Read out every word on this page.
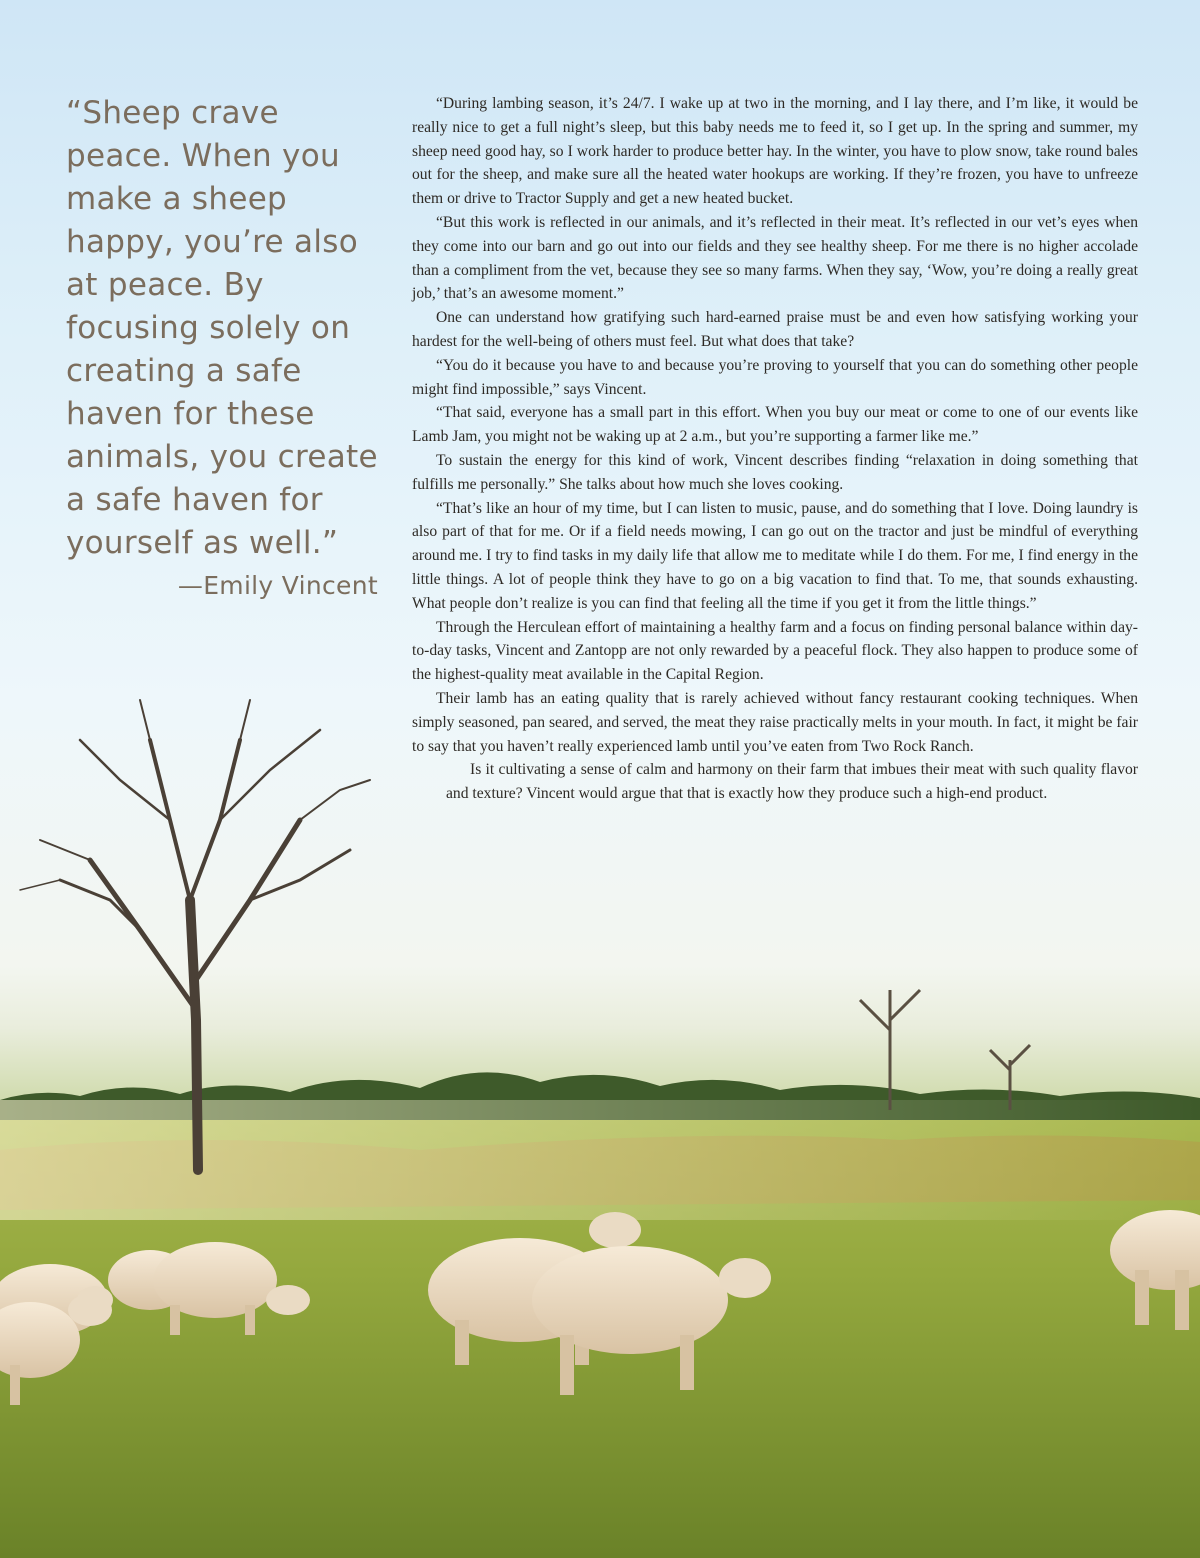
“Sheep crave peace. When you make a sheep happy, you’re also at peace. By focusing solely on creating a safe haven for these animals, you create a safe haven for yourself as well.”
—Emily Vincent

“During lambing season, it’s 24/7. I wake up at two in the morning, and I lay there, and I’m like, it would be really nice to get a full night’s sleep, but this baby needs me to feed it, so I get up. In the spring and summer, my sheep need good hay, so I work harder to produce better hay. In the winter, you have to plow snow, take round bales out for the sheep, and make sure all the heated water hookups are working. If they’re frozen, you have to unfreeze them or drive to Tractor Supply and get a new heated bucket.

“But this work is reflected in our animals, and it’s reflected in their meat. It’s reflected in our vet’s eyes when they come into our barn and go out into our fields and they see healthy sheep. For me there is no higher accolade than a compliment from the vet, because they see so many farms. When they say, ‘Wow, you’re doing a really great job,’ that’s an awesome moment.”

One can understand how gratifying such hard-earned praise must be and even how satisfying working your hardest for the well-being of others must feel. But what does that take?

“You do it because you have to and because you’re proving to yourself that you can do something other people might find impossible,” says Vincent.

“That said, everyone has a small part in this effort. When you buy our meat or come to one of our events like Lamb Jam, you might not be waking up at 2 a.m., but you’re supporting a farmer like me.”

To sustain the energy for this kind of work, Vincent describes finding “relaxation in doing something that fulfills me personally.” She talks about how much she loves cooking.

“That’s like an hour of my time, but I can listen to music, pause, and do something that I love. Doing laundry is also part of that for me. Or if a field needs mowing, I can go out on the tractor and just be mindful of everything around me. I try to find tasks in my daily life that allow me to meditate while I do them. For me, I find energy in the little things. A lot of people think they have to go on a big vacation to find that. To me, that sounds exhausting. What people don’t realize is you can find that feeling all the time if you get it from the little things.”

Through the Herculean effort of maintaining a healthy farm and a focus on finding personal balance within day-to-day tasks, Vincent and Zantopp are not only rewarded by a peaceful flock. They also happen to produce some of the highest-quality meat available in the Capital Region.

Their lamb has an eating quality that is rarely achieved without fancy restaurant cooking techniques. When simply seasoned, pan seared, and served, the meat they raise practically melts in your mouth. In fact, it might be fair to say that you haven’t really experienced lamb until you’ve eaten from Two Rock Ranch.

Is it cultivating a sense of calm and harmony on their farm that imbues their meat with such quality flavor and texture? Vincent would argue that that is exactly how they produce such a high-end product.
